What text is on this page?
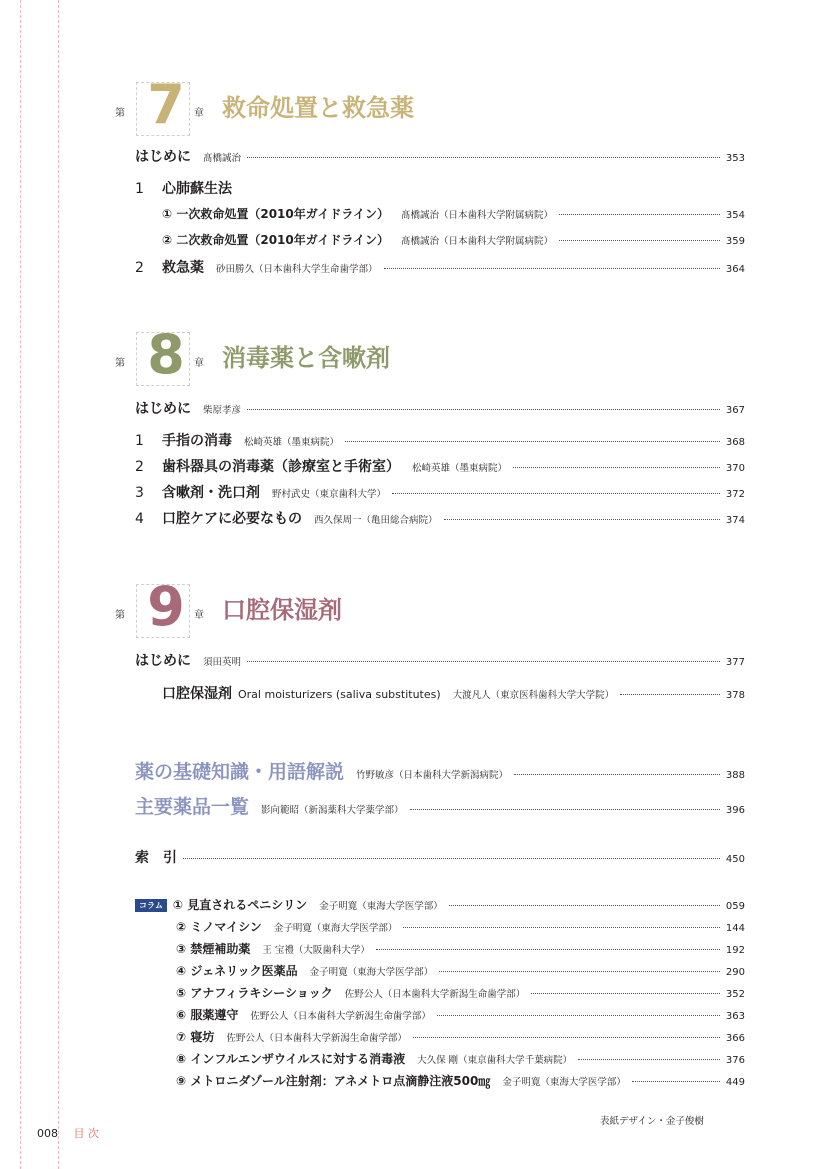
第 7 章 救命処置と救急薬
はじめに 髙橋誠治	353
1	心肺蘇生法
① 一次救命処置（2010年ガイドライン） 髙橋誠治（日本歯科大学附属病院）	354
② 二次救命処置（2010年ガイドライン） 髙橋誠治（日本歯科大学附属病院）	359
2	救急薬 砂田勝久（日本歯科大学生命歯学部）	364
第 8 章 消毒薬と含嗽剤
はじめに 柴原孝彦	367
1	手指の消毒 松崎英雄（墨東病院）	368
2	歯科器具の消毒薬（診療室と手術室） 松崎英雄（墨東病院）	370
3	含嗽剤・洗口剤 野村武史（東京歯科大学）	372
4	口腔ケアに必要なもの 西久保周一（亀田総合病院）	374
第 9 章 口腔保湿剤
はじめに 須田英明	377
口腔保湿剤 Oral moisturizers (saliva substitutes) 大渡凡人（東京医科歯科大学大学院）	378
薬の基礎知識・用語解説 竹野敏彦（日本歯科大学新潟病院）	388
主要薬品一覧 影向範昭（新潟薬科大学薬学部）	396
索　引	450
コラム ① 見直されるペニシリン 金子明寛（東海大学医学部）	059
② ミノマイシン 金子明寛（東海大学医学部）	144
③ 禁煙補助薬 王 宝禮（大阪歯科大学）	192
④ ジェネリック医薬品 金子明寛（東海大学医学部）	290
⑤ アナフィラキシーショック 佐野公人（日本歯科大学新潟生命歯学部）	352
⑥ 服薬遵守 佐野公人（日本歯科大学新潟生命歯学部）	363
⑦ 寝坊 佐野公人（日本歯科大学新潟生命歯学部）	366
⑧ インフルエンザウイルスに対する消毒液 大久保 剛（東京歯科大学千葉病院）	376
⑨ メトロニダゾール注射剤：アネメトロ点滴静注液500㎎ 金子明寛（東海大学医学部）	449
表紙デザイン・金子俊樹
008 目 次
